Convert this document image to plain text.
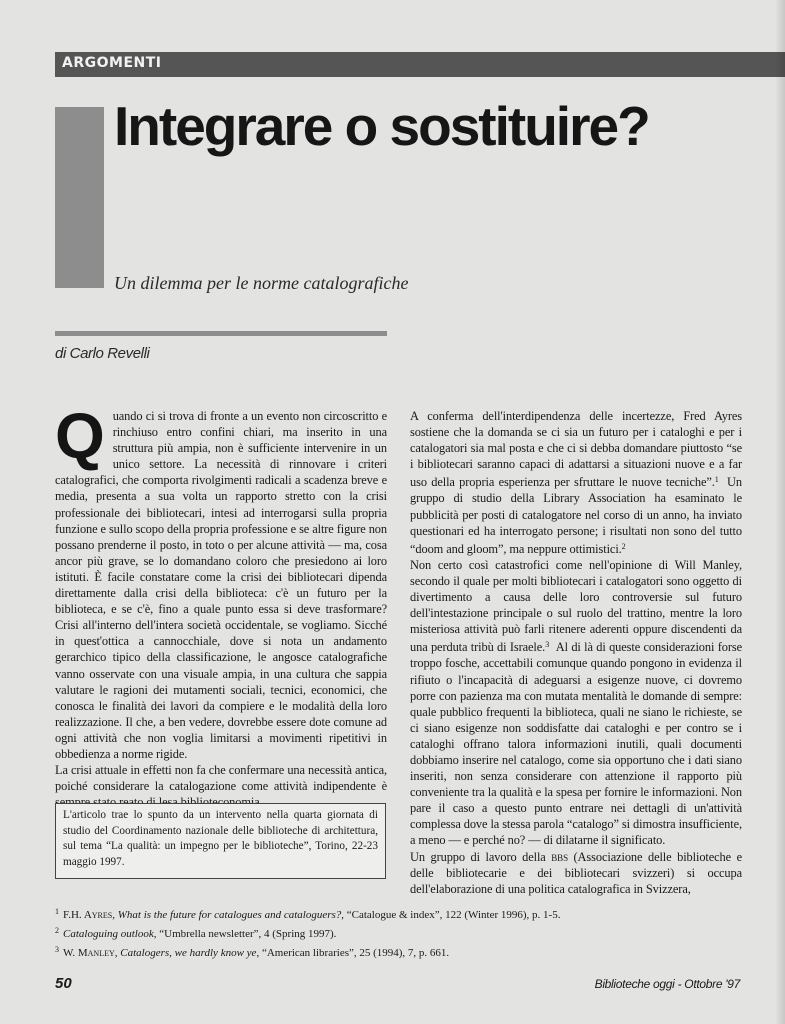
ARGOMENTI
Integrare o sostituire?
Un dilemma per le norme catalografiche
di Carlo Revelli

Quando ci si trova di fronte a un evento non circoscritto e rinchiuso entro confini chiari, ma inserito in una struttura più ampia, non è sufficiente intervenire in un unico settore. La necessità di rinnovare i criteri catalografici, che comporta rivolgimenti radicali a scadenza breve e media, presenta a sua volta un rapporto stretto con la crisi professionale dei bibliotecari, intesi ad interrogarsi sulla propria funzione e sullo scopo della propria professione e se altre figure non possano prenderne il posto, in toto o per alcune attività — ma, cosa ancor più grave, se lo domandano coloro che presiedono ai loro istituti. È facile constatare come la crisi dei bibliotecari dipenda direttamente dalla crisi della biblioteca: c'è un futuro per la biblioteca, e se c'è, fino a quale punto essa si deve trasformare? Crisi all'interno dell'intera società occidentale, se vogliamo. Sicché in quest'ottica a cannocchiale, dove si nota un andamento gerarchico tipico della classificazione, le angosce catalografiche vanno osservate con una visuale ampia, in una cultura che sappia valutare le ragioni dei mutamenti sociali, tecnici, economici, che conosca le finalità dei lavori da compiere e le modalità della loro realizzazione. Il che, a ben vedere, dovrebbe essere dote comune ad ogni attività che non voglia limitarsi a movimenti ripetitivi in obbedienza a norme rigide.

La crisi attuale in effetti non fa che confermare una necessità antica, poiché considerare la catalogazione come attività indipendente è

L'articolo trae lo spunto da un intervento nella quarta giornata di studio del Coordinamento nazionale delle biblioteche di architettura, sul tema “La qualità: un impegno per le biblioteche”, Torino, 22-23 maggio 1997.

A conferma dell'interdipendenza delle incertezze, Fred Ayres sostiene che la domanda se ci sia un futuro per i cataloghi e per i catalogatori sia mal posta e che ci si debba domandare piuttosto “se i bibliotecari saranno capaci di adattarsi a situazioni nuove e a far uso della propria esperienza per sfruttare le nuove tecniche”.$^1$ Un gruppo di studio della Library Association ha esaminato le pubblicità per posti di catalogatore nel corso di un anno, ha inviato questionari ed ha interrogato persone; i risultati non sono del tutto “doom and gloom”, ma neppure ottimistici.$^2$

Non certo così catastrofici come nell'opinione di Will Manley, secondo il quale per molti bibliotecari i catalogatori sono oggetto di divertimento a causa delle loro controversie sul futuro dell'intestazione principale o sul ruolo del trattino, mentre la loro misteriosa attività può farli ritenere aderenti oppure discendenti da una perduta tribù di Israele.$^3$ Al di là di queste considerazioni forse troppo fosche, accettabili comunque quando pongono in evidenza il rifiuto o l'incapacità di adeguarsi a esigenze nuove, ci dovremo porre con pazienza ma con mutata mentalità le domande di sempre: quale pubblico frequenti la biblioteca, quali ne siano le richieste, se ci siano esigenze non soddisfatte dai cataloghi e per contro se i cataloghi offrano talora informazioni inutili, quali documenti dobbiamo inserire nel catalogo, come sia opportuno che i dati siano inseriti, non senza considerare con attenzione il rapporto più conveniente tra la qualità e la spesa per fornire le informazioni. Non pare il caso a questo punto entrare nei dettagli di un'attività complessa dove la stessa parola “catalogo” si dimostra insufficiente, a meno — e perché no? — di dilatarne il significato.

Un gruppo di lavoro della bbs (Associazione delle biblioteche e delle bibliotecarie e dei bibliotecari svizzeri) si occupa dell'elaborazione di una politica catalografica in Svizzera,

$^1$ F.H. Ayres, What is the future for catalogues and cataloguers?, “Catalogue & index”, 122 (Winter 1996), p. 1-5.
$^2$ Cataloguing outlook, “Umbrella newsletter”, 4 (Spring 1997).
$^3$ W. Manley, Catalogers, we hardly know ye, “American libraries”, 25 (1994), 7, p. 661.
50	Biblioteche oggi - Ottobre '97
